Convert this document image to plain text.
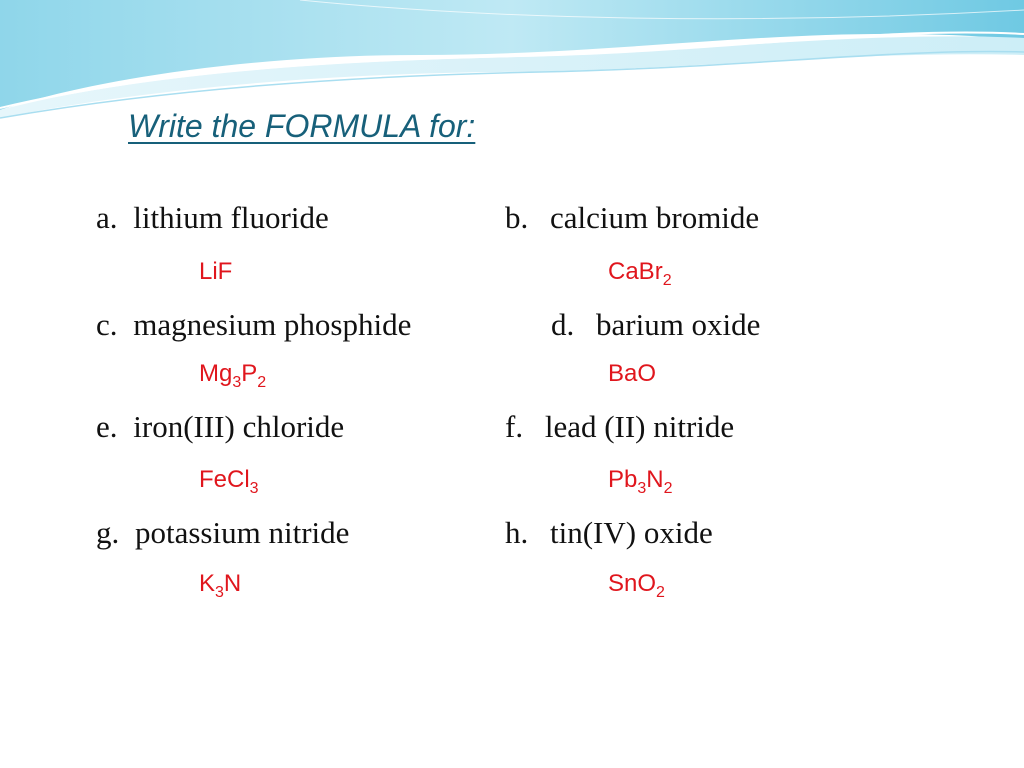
Write the FORMULA for:
a. lithium fluoride
LiF
b. calcium bromide
CaBr$_2$
c. magnesium phosphide
$Mg_3P_2$
d. barium oxide
BaO
e. iron(III) chloride
FeCl$_3$
f. lead (II) nitride
$Pb_3N_2$
g. potassium nitride
$K_3N$
h. tin(IV) oxide
SnO$_2$
